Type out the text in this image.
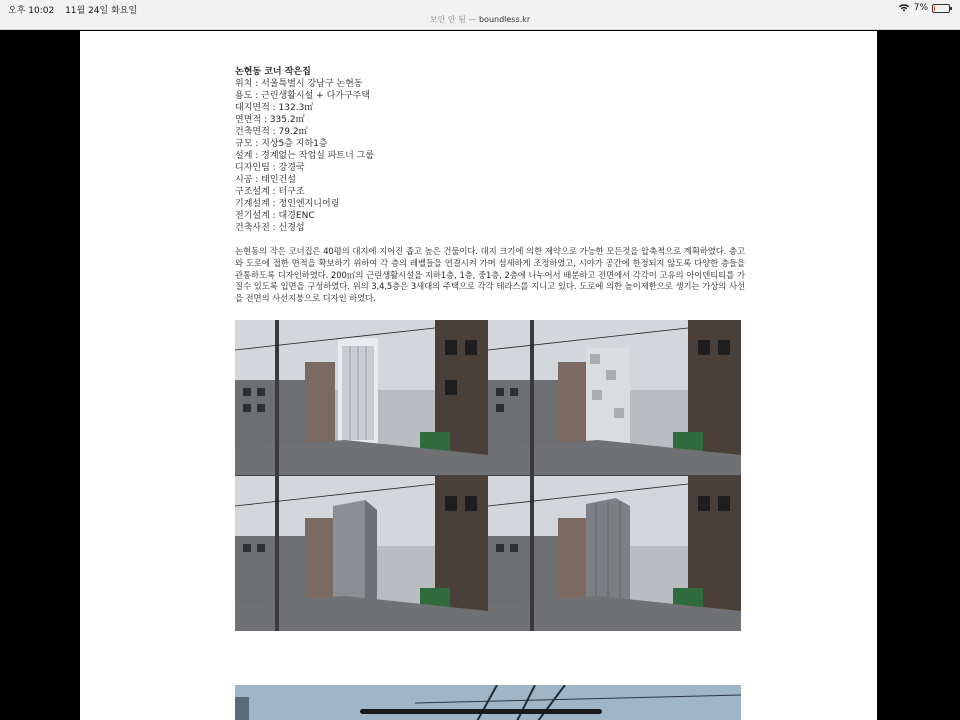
오후 10:02 11월 24일 화요일
보안 안 됨 — boundless.kr
7%
논현동 코너 작은집
위치 : 서울특별시 강남구 논현동
용도 : 근린생활시설 + 다가구주택
대지면적 : 132.3㎡
연면적 : 335.2㎡
건축면적 : 79.2㎡
규모 : 지상5층 지하1층
설계 : 경계없는 작업실 파트너 그룹
디자인팀 : 강경국
시공 : 태인건설
구조설계 : 터구조
기계설계 : 정인엔지니어링
전기설계 : 대경ENC
건축사진 : 신경섭

논현동의 작은 코너집은 40평의 대지에 지어진 좁고 높은 건물이다. 대지 크기에 의한 제약으로 가능한 모든것을 압축적으로 계획하였다. 층고와 도로에 접한 면적을 확보하기 위하여 각 층의 레벨들을 연결시켜 가며 섬세하게 조정하였고, 시야가 공간에 한정되지 않도록 다양한 층들을 관통하도록 디자인하였다. 200㎡의 근린생활시설을 지하1층, 1층, 중1층, 2층에 나누어서 배분하고 전면에서 각각이 고유의 아이덴티티를 가질수 있도록 입면을 구성하였다. 위의 3,4,5층은 3세대의 주택으로 각각 테라스를 지니고 있다. 도로에 의한 높이제한으로 생기는 가상의 사선을 전면의 사선지붕으로 디자인 하였다.
